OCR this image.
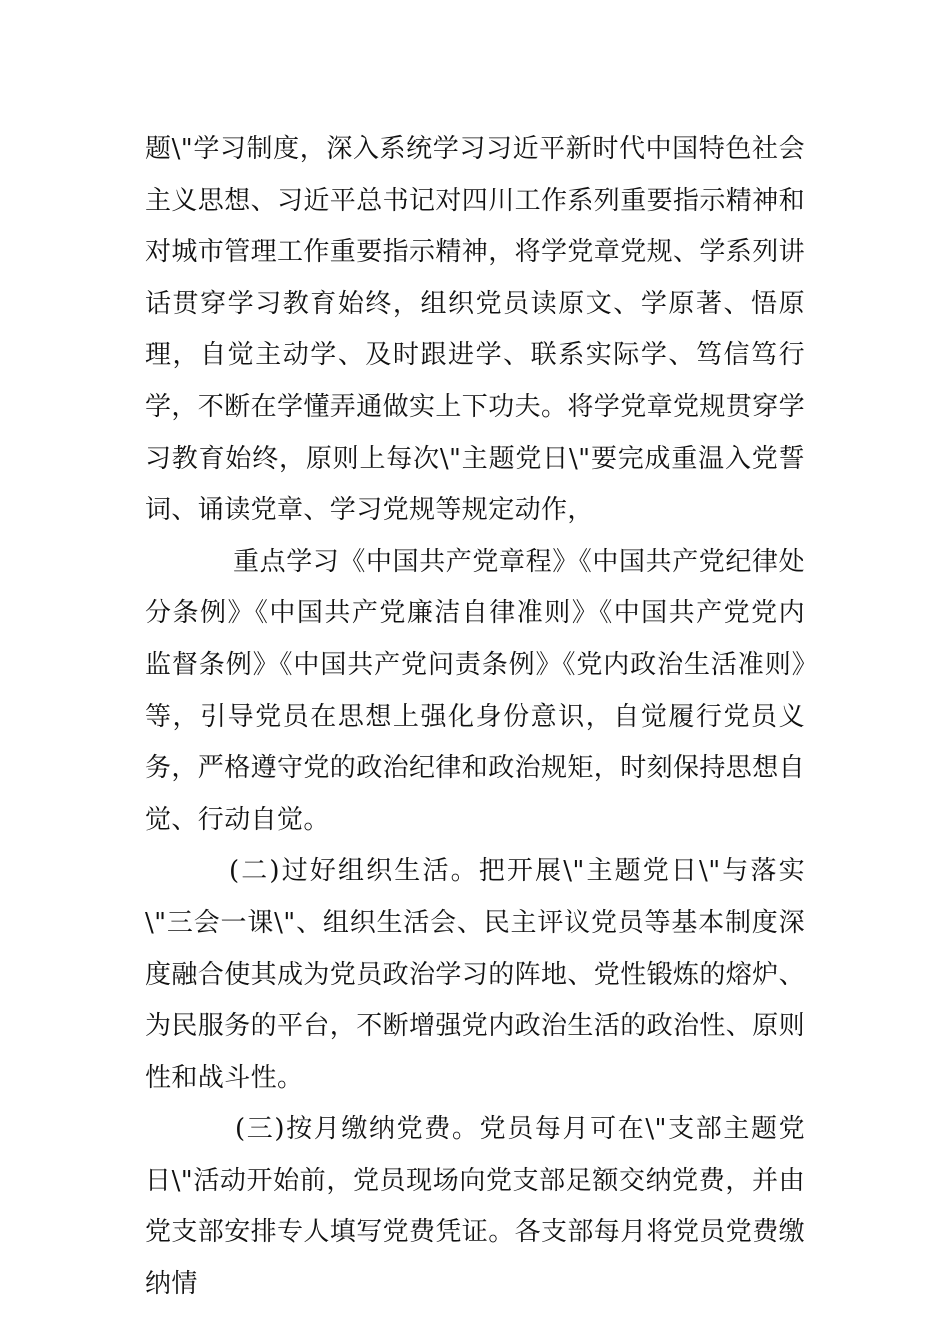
题\"学习制度，深入系统学习习近平新时代中国特色社会主义思想、习近平总书记对四川工作系列重要指示精神和对城市管理工作重要指示精神，将学党章党规、学系列讲话贯穿学习教育始终，组织党员读原文、学原著、悟原理，自觉主动学、及时跟进学、联系实际学、笃信笃行学，不断在学懂弄通做实上下功夫。将学党章党规贯穿学习教育始终，原则上每次\"主题党日\"要完成重温入党誓词、诵读党章、学习党规等规定动作，

重点学习《中国共产党章程》《中国共产党纪律处分条例》《中国共产党廉洁自律准则》《中国共产党党内监督条例》《中国共产党问责条例》《党内政治生活准则》等，引导党员在思想上强化身份意识，自觉履行党员义务，严格遵守党的政治纪律和政治规矩，时刻保持思想自觉、行动自觉。

(二)过好组织生活。把开展\"主题党日\"与落实\"三会一课\"、组织生活会、民主评议党员等基本制度深度融合使其成为党员政治学习的阵地、党性锻炼的熔炉、为民服务的平台，不断增强党内政治生活的政治性、原则性和战斗性。

(三)按月缴纳党费。党员每月可在\"支部主题党日\"活动开始前，党员现场向党支部足额交纳党费，并由党支部安排专人填写党费凭证。各支部每月将党员党费缴纳情
